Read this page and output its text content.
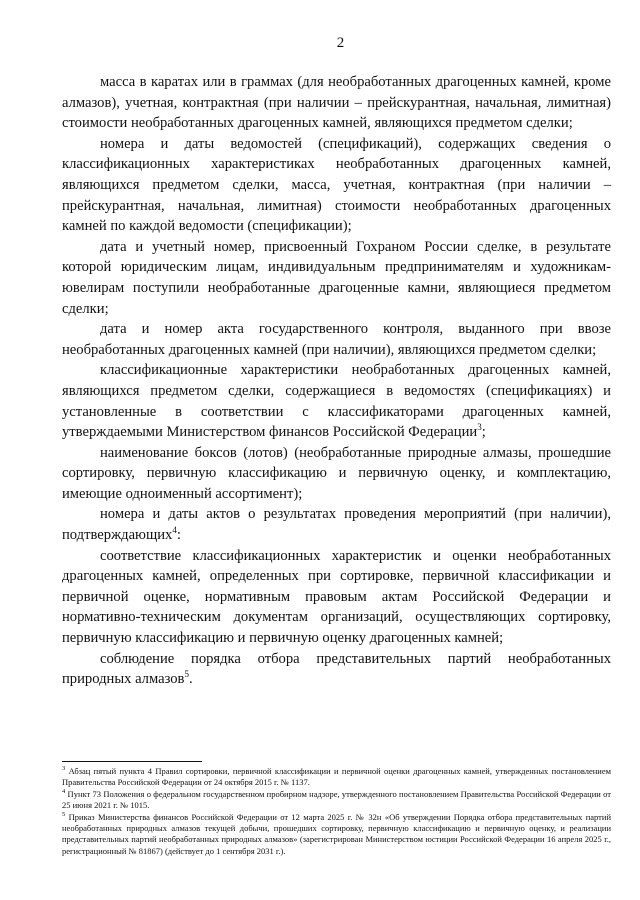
2

масса в каратах или в граммах (для необработанных драгоценных камней, кроме алмазов), учетная, контрактная (при наличии – прейскурантная, начальная, лимитная) стоимости необработанных драгоценных камней, являющихся предметом сделки;

номера и даты ведомостей (спецификаций), содержащих сведения о классификационных характеристиках необработанных драгоценных камней, являющихся предметом сделки, масса, учетная, контрактная (при наличии – прейскурантная, начальная, лимитная) стоимости необработанных драгоценных камней по каждой ведомости (спецификации);

дата и учетный номер, присвоенный Гохраном России сделке, в результате которой юридическим лицам, индивидуальным предпринимателям и художникам-ювелирам поступили необработанные драгоценные камни, являющиеся предметом сделки;

дата и номер акта государственного контроля, выданного при ввозе необработанных драгоценных камней (при наличии), являющихся предметом сделки;

классификационные характеристики необработанных драгоценных камней, являющихся предметом сделки, содержащиеся в ведомостях (спецификациях) и установленные в соответствии с классификаторами драгоценных камней, утверждаемыми Министерством финансов Российской Федерации$^3$;

наименование боксов (лотов) (необработанные природные алмазы, прошедшие сортировку, первичную классификацию и первичную оценку, и комплектацию, имеющие одноименный ассортимент);

номера и даты актов о результатах проведения мероприятий (при наличии), подтверждающих$^4$:

соответствие классификационных характеристик и оценки необработанных драгоценных камней, определенных при сортировке, первичной классификации и первичной оценке, нормативным правовым актам Российской Федерации и нормативно-техническим документам организаций, осуществляющих сортировку, первичную классификацию и первичную оценку драгоценных камней;

соблюдение порядка отбора представительных партий необработанных природных алмазов$^5$.

$^3$ Абзац пятый пункта 4 Правил сортировки, первичной классификации и первичной оценки драгоценных камней, утвержденных постановлением Правительства Российской Федерации от 24 октября 2015 г. № 1137.

$^4$ Пункт 73 Положения о федеральном государственном пробирном надзоре, утвержденного постановлением Правительства Российской Федерации от 25 июня 2021 г. № 1015.

$^5$ Приказ Министерства финансов Российской Федерации от 12 марта 2025 г. № 32н «Об утверждении Порядка отбора представительных партий необработанных природных алмазов текущей добычи, прошедших сортировку, первичную классификацию и первичную оценку, и реализации представительных партий необработанных природных алмазов» (зарегистрирован Министерством юстиции Российской Федерации 16 апреля 2025 г., регистрационный № 81867) (действует до 1 сентября 2031 г.).
